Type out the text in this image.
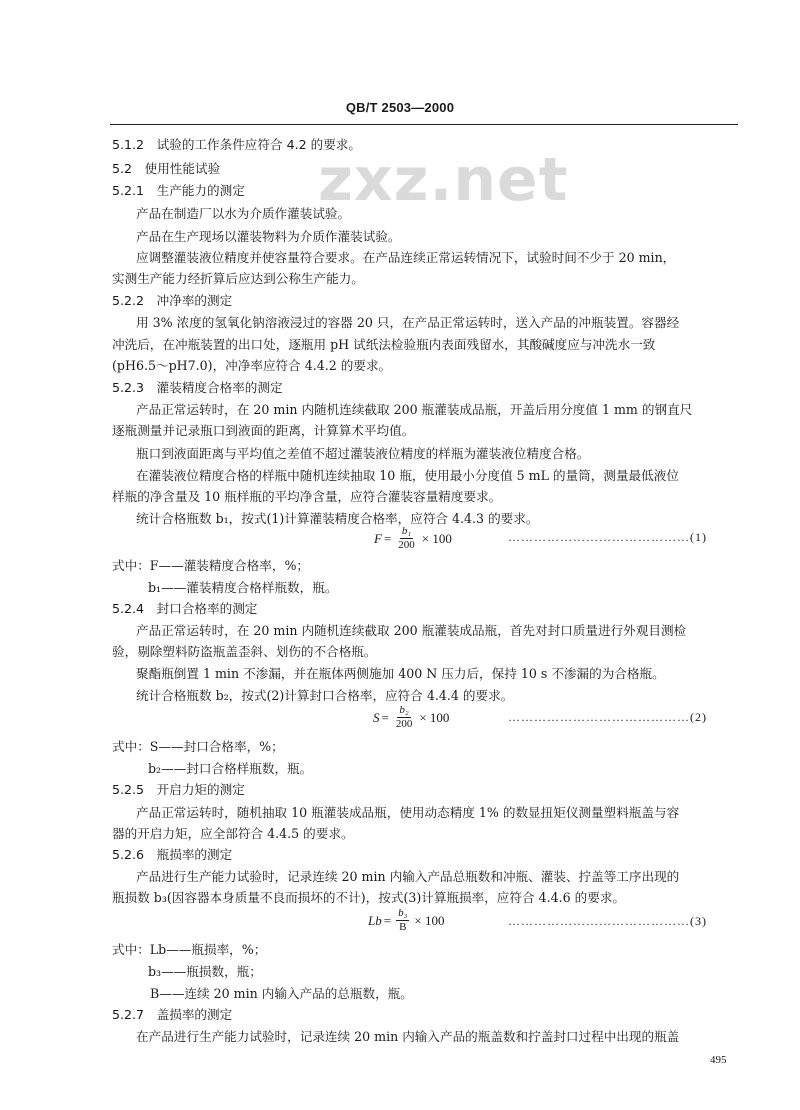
QB/T 2503—2000
zxz.net
5.1.2　试验的工作条件应符合 4.2 的要求。
5.2　使用性能试验
5.2.1　生产能力的测定
产品在制造厂以水为介质作灌装试验。
产品在生产现场以灌装物料为介质作灌装试验。
应调整灌装液位精度并使容量符合要求。在产品连续正常运转情况下，试验时间不少于 20 min，
实测生产能力经折算后应达到公称生产能力。
5.2.2　冲净率的测定
用 3% 浓度的氢氧化钠溶液浸过的容器 20 只，在产品正常运转时，送入产品的冲瓶装置。容器经
冲洗后，在冲瓶装置的出口处，逐瓶用 pH 试纸法检验瓶内表面残留水，其酸碱度应与冲洗水一致
(pH6.5～pH7.0)，冲净率应符合 4.4.2 的要求。
5.2.3　灌装精度合格率的测定
产品正常运转时，在 20 min 内随机连续截取 200 瓶灌装成品瓶，开盖后用分度值 1 mm 的钢直尺
逐瓶测量并记录瓶口到液面的距离，计算算术平均值。
瓶口到液面距离与平均值之差值不超过灌装液位精度的样瓶为灌装液位精度合格。
在灌装液位精度合格的样瓶中随机连续抽取 10 瓶，使用最小分度值 5 mL 的量筒，测量最低液位
样瓶的净含量及 10 瓶样瓶的平均净含量，应符合灌装容量精度要求。
统计合格瓶数 b₁，按式(1)计算灌装精度合格率，应符合 4.4.3 的要求。
$F = \frac{\text{b₁}}{200} \times 100$	……………………………………(1)
式中：F——灌装精度合格率，%；
b₁——灌装精度合格样瓶数，瓶。
5.2.4　封口合格率的测定
产品正常运转时，在 20 min 内随机连续截取 200 瓶灌装成品瓶，首先对封口质量进行外观目测检
验，剔除塑料防盗瓶盖歪斜、划伤的不合格瓶。
聚酯瓶倒置 1 min 不渗漏，并在瓶体两侧施加 400 N 压力后，保持 10 s 不渗漏的为合格瓶。
统计合格瓶数 b₂，按式(2)计算封口合格率，应符合 4.4.4 的要求。
$S = \frac{\text{b₂}}{200} \times 100$	……………………………………(2)
式中：S——封口合格率，%；
b₂——封口合格样瓶数，瓶。
5.2.5　开启力矩的测定
产品正常运转时，随机抽取 10 瓶灌装成品瓶，使用动态精度 1% 的数显扭矩仪测量塑料瓶盖与容
器的开启力矩，应全部符合 4.4.5 的要求。
5.2.6　瓶损率的测定
产品进行生产能力试验时，记录连续 20 min 内输入产品总瓶数和冲瓶、灌装、拧盖等工序出现的
瓶损数 b₃(因容器本身质量不良而损坏的不计)，按式(3)计算瓶损率，应符合 4.4.6 的要求。
$Lb = \frac{\text{b₃}}{B} \times 100$	……………………………………(3)
式中：Lb——瓶损率，%；
b₃——瓶损数，瓶；
B——连续 20 min 内输入产品的总瓶数，瓶。
5.2.7　盖损率的测定
在产品进行生产能力试验时，记录连续 20 min 内输入产品的瓶盖数和拧盖封口过程中出现的瓶盖
495
